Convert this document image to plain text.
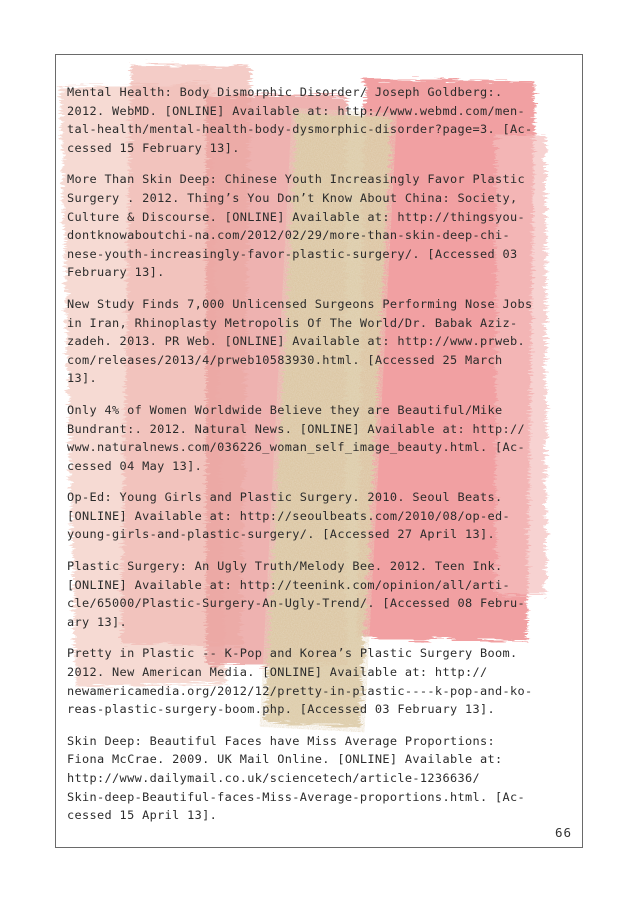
Mental Health: Body Dismorphic Disorder/ Joseph Goldberg:.
2012. WebMD. [ONLINE] Available at: http://www.webmd.com/men-
tal-health/mental-health-body-dysmorphic-disorder?page=3. [Ac-
cessed 15 February 13].
More Than Skin Deep: Chinese Youth Increasingly Favor Plastic
Surgery . 2012. Thing’s You Don’t Know About China: Society,
Culture & Discourse. [ONLINE] Available at: http://thingsyou-
dontknowaboutchi-na.com/2012/02/29/more-than-skin-deep-chi-
nese-youth-increasingly-favor-plastic-surgery/. [Accessed 03
February 13].
New Study Finds 7,000 Unlicensed Surgeons Performing Nose Jobs
in Iran, Rhinoplasty Metropolis Of The World/Dr. Babak Aziz-
zadeh. 2013. PR Web. [ONLINE] Available at: http://www.prweb.
com/releases/2013/4/prweb10583930.html. [Accessed 25 March
13].
Only 4% of Women Worldwide Believe they are Beautiful/Mike
Bundrant:. 2012. Natural News. [ONLINE] Available at: http://
www.naturalnews.com/036226_woman_self_image_beauty.html. [Ac-
cessed 04 May 13].
Op-Ed: Young Girls and Plastic Surgery. 2010. Seoul Beats.
[ONLINE] Available at: http://seoulbeats.com/2010/08/op-ed-
young-girls-and-plastic-surgery/. [Accessed 27 April 13].
Plastic Surgery: An Ugly Truth/Melody Bee. 2012. Teen Ink.
[ONLINE] Available at: http://teenink.com/opinion/all/arti-
cle/65000/Plastic-Surgery-An-Ugly-Trend/. [Accessed 08 Febru-
ary 13].
Pretty in Plastic -- K-Pop and Korea’s Plastic Surgery Boom.
2012. New American Media. [ONLINE] Available at: http://
newamericamedia.org/2012/12/pretty-in-plastic----k-pop-and-ko-
reas-plastic-surgery-boom.php. [Accessed 03 February 13].
Skin Deep: Beautiful Faces have Miss Average Proportions:
Fiona McCrae. 2009. UK Mail Online. [ONLINE] Available at:
http://www.dailymail.co.uk/sciencetech/article-1236636/
Skin-deep-Beautiful-faces-Miss-Average-proportions.html. [Ac-
cessed 15 April 13].
66
